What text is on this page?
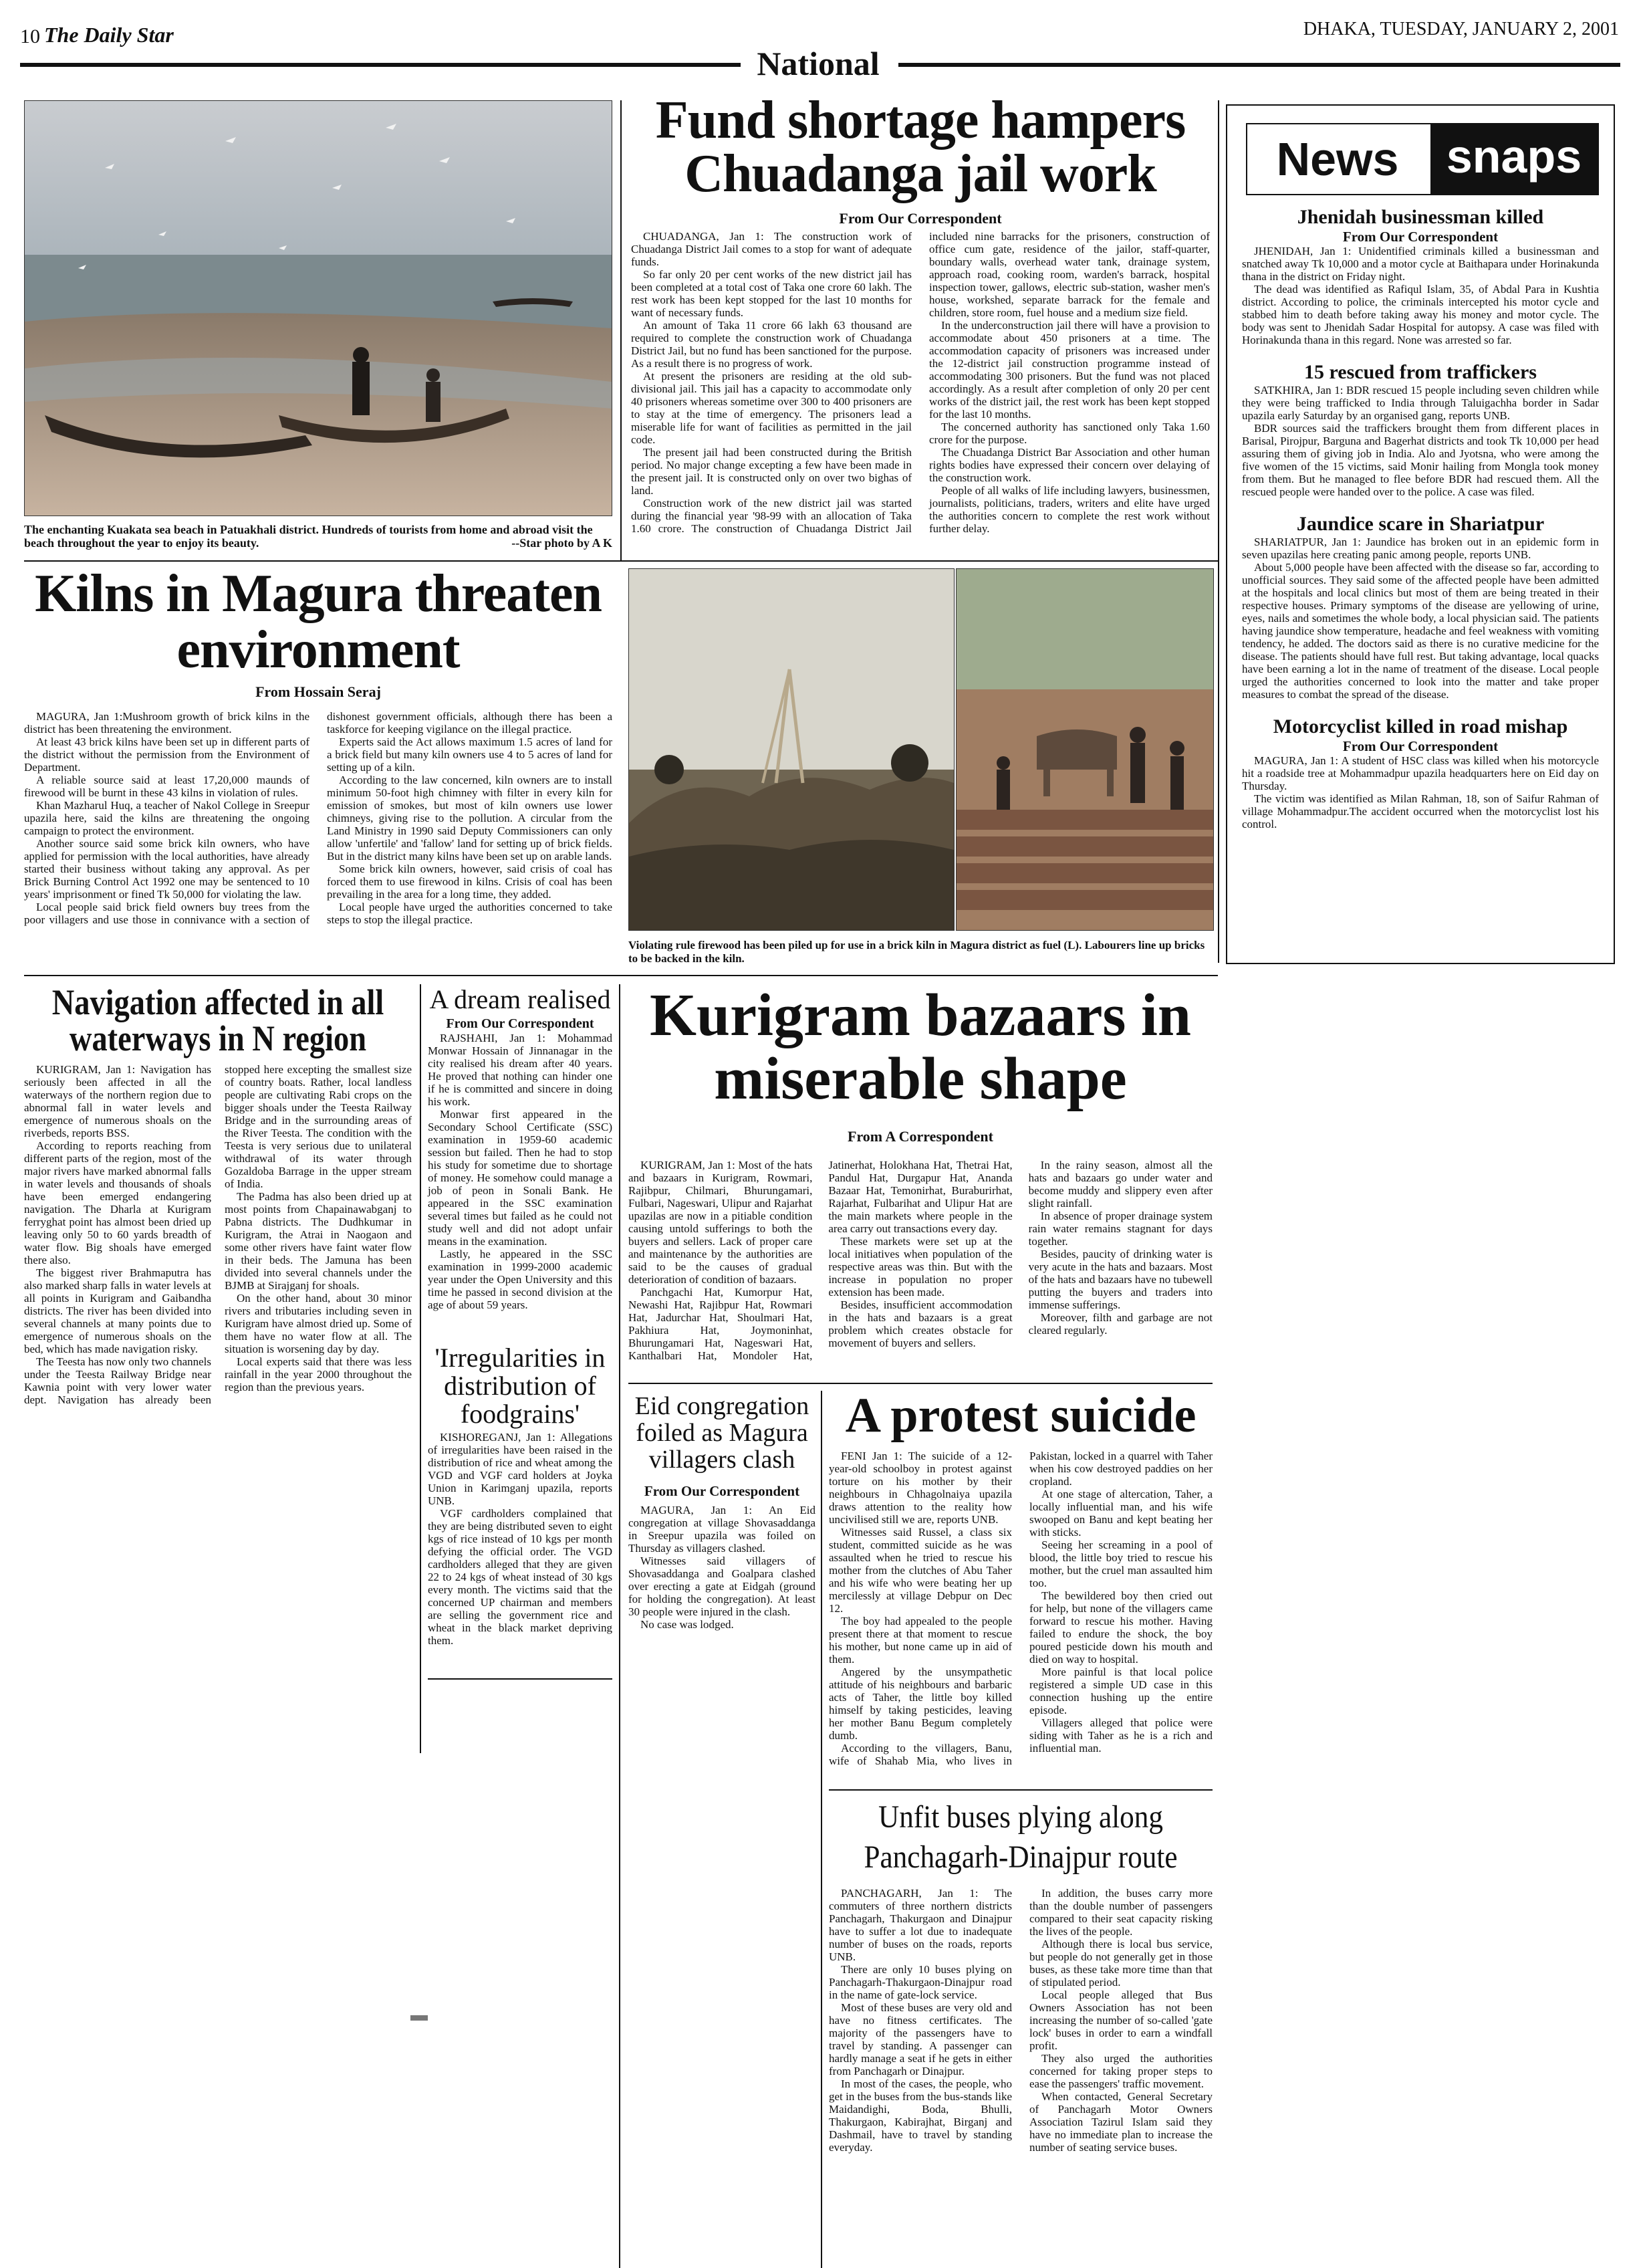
10 The Daily Star	DHAKA, TUESDAY, JANUARY 2, 2001
National
The enchanting Kuakata sea beach in Patuakhali district. Hundreds of tourists from home and abroad visit the beach throughout the year to enjoy its beauty.	--Star photo by A K
Fund shortage hampers Chuadanga jail work

From Our Correspondent

CHUADANGA, Jan 1: The construction work of Chuadanga District Jail comes to a stop for want of adequate funds.

So far only 20 per cent works of the new district jail has been completed at a total cost of Taka one crore 60 lakh. The rest work has been kept stopped for the last 10 months for want of necessary funds.

An amount of Taka 11 crore 66 lakh 63 thousand are required to complete the construction work of Chuadanga District Jail, but no fund has been sanctioned for the purpose. As a result there is no progress of work.

At present the prisoners are residing at the old sub-divisional jail. This jail has a capacity to accommodate only 40 prisoners whereas sometime over 300 to 400 prisoners are to stay at the time of emergency. The prisoners lead a miserable life for want of facilities as permitted in the jail code.

The present jail had been constructed during the British period. No major change excepting a few have been made in the present jail. It is constructed only on over two bighas of land.

Construction work of the new district jail was started during the financial year '98-99 with an allocation of Taka 1.60 crore. The construction of Chuadanga District Jail included nine barracks for the prisoners, construction of office cum gate, residence of the jailor, staff-quarter, boundary walls, overhead water tank, drainage system, approach road, cooking room, warden's barrack, hospital inspection tower, gallows, electric sub-station, washer men's house, workshed, separate barrack for the female and children, store room, fuel house and a medium size field.

In the underconstruction jail there will have a provision to accommodate about 450 prisoners at a time. The accommodation capacity of prisoners was increased under the 12-district jail construction programme instead of accommodating 300 prisoners. But the fund was not placed accordingly. As a result after completion of only 20 per cent works of the district jail, the rest work has been kept stopped for the last 10 months.

The concerned authority has sanctioned only Taka 1.60 crore for the purpose.

The Chuadanga District Bar Association and other human rights bodies have expressed their concern over delaying of the construction work.

People of all walks of life including lawyers, businessmen, journalists, politicians, traders, writers and elite have urged the authorities concern to complete the rest work without further delay.

News	snaps
Jhenidah businessman killed
From Our Correspondent

JHENIDAH, Jan 1: Unidentified criminals killed a businessman and snatched away Tk 10,000 and a motor cycle at Baithapara under Horinakunda thana in the district on Friday night.

The dead was identified as Rafiqul Islam, 35, of Abdal Para in Kushtia district. According to police, the criminals intercepted his motor cycle and stabbed him to death before taking away his money and motor cycle. The body was sent to Jhenidah Sadar Hospital for autopsy. A case was filed with Horinakunda thana in this regard. None was arrested so far.

15 rescued from traffickers

SATKHIRA, Jan 1: BDR rescued 15 people including seven children while they were being trafficked to India through Taluigachha border in Sadar upazila early Saturday by an organised gang, reports UNB.

BDR sources said the traffickers brought them from different places in Barisal, Pirojpur, Barguna and Bagerhat districts and took Tk 10,000 per head assuring them of giving job in India. Alo and Jyotsna, who were among the five women of the 15 victims, said Monir hailing from Mongla took money from them. But he managed to flee before BDR had rescued them. All the rescued people were handed over to the police. A case was filed.

Jaundice scare in Shariatpur

SHARIATPUR, Jan 1: Jaundice has broken out in an epidemic form in seven upazilas here creating panic among people, reports UNB.

About 5,000 people have been affected with the disease so far, according to unofficial sources. They said some of the affected people have been admitted at the hospitals and local clinics but most of them are being treated in their respective houses. Primary symptoms of the disease are yellowing of urine, eyes, nails and sometimes the whole body, a local physician said. The patients having jaundice show temperature, headache and feel weakness with vomiting tendency, he added. The doctors said as there is no curative medicine for the disease. The patients should have full rest. But taking advantage, local quacks have been earning a lot in the name of treatment of the disease. Local people urged the authorities concerned to look into the matter and take proper measures to combat the spread of the disease.

Motorcyclist killed in road mishap
From Our Correspondent

MAGURA, Jan 1: A student of HSC class was killed when his motorcycle hit a roadside tree at Mohammadpur upazila headquarters here on Eid day on Thursday.

The victim was identified as Milan Rahman, 18, son of Saifur Rahman of village Mohammadpur.The accident occurred when the motorcyclist lost his control.

Kilns in Magura threaten environment

From Hossain Seraj

MAGURA, Jan 1:Mushroom growth of brick kilns in the district has been threatening the environment.

At least 43 brick kilns have been set up in different parts of the district without the permission from the Environment of Department.

A reliable source said at least 17,20,000 maunds of firewood will be burnt in these 43 kilns in violation of rules.

Khan Mazharul Huq, a teacher of Nakol College in Sreepur upazila here, said the kilns are threatening the ongoing campaign to protect the environment.

Another source said some brick kiln owners, who have applied for permission with the local authorities, have already started their business without taking any approval. As per Brick Burning Control Act 1992 one may be sentenced to 10 years' imprisonment or fined Tk 50,000 for violating the law.

Local people said brick field owners buy trees from the poor villagers and use those in connivance with a section of dishonest government officials, although there has been a taskforce for keeping vigilance on the illegal practice.

Experts said the Act allows maximum 1.5 acres of land for a brick field but many kiln owners use 4 to 5 acres of land for setting up of a kiln.

According to the law concerned, kiln owners are to install minimum 50-foot high chimney with filter in every kiln for emission of smokes, but most of kiln owners use lower chimneys, giving rise to the pollution. A circular from the Land Ministry in 1990 said Deputy Commissioners can only allow 'unfertile' and 'fallow' land for setting up of brick fields. But in the district many kilns have been set up on arable lands.

Some brick kiln owners, however, said crisis of coal has forced them to use firewood in kilns. Crisis of coal has been prevailing in the area for a long time, they added.

Local people have urged the authorities concerned to take steps to stop the illegal practice.

Violating rule firewood has been piled up for use in a brick kiln in Magura district as fuel (L). Labourers line up bricks to be backed in the kiln.
Navigation affected in all waterways in N region

KURIGRAM, Jan 1: Navigation has seriously been affected in all the waterways of the northern region due to abnormal fall in water levels and emergence of numerous shoals on the riverbeds, reports BSS.

According to reports reaching from different parts of the region, most of the major rivers have marked abnormal falls in water levels and thousands of shoals have been emerged endangering navigation. The Dharla at Kurigram ferryghat point has almost been dried up leaving only 50 to 60 yards breadth of water flow. Big shoals have emerged there also.

The biggest river Brahmaputra has also marked sharp falls in water levels at all points in Kurigram and Gaibandha districts. The river has been divided into several channels at many points due to emergence of numerous shoals on the bed, which has made navigation risky.

The Teesta has now only two channels under the Teesta Railway Bridge near Kawnia point with very lower water dept. Navigation has already been stopped here excepting the smallest size of country boats. Rather, local landless people are cultivating Rabi crops on the bigger shoals under the Teesta Railway Bridge and in the surrounding areas of the River Teesta. The condition with the Teesta is very serious due to unilateral withdrawal of its water through Gozaldoba Barrage in the upper stream of India.

The Padma has also been dried up at most points from Chapainawabganj to Pabna districts. The Dudhkumar in Kurigram, the Atrai in Naogaon and some other rivers have faint water flow in their beds. The Jamuna has been divided into several channels under the BJMB at Sirajganj for shoals.

On the other hand, about 30 minor rivers and tributaries including seven in Kurigram have almost dried up. Some of them have no water flow at all. The situation is worsening day by day.

Local experts said that there was less rainfall in the year 2000 throughout the region than the previous years.

A dream realised

From Our Correspondent

RAJSHAHI, Jan 1: Mohammad Monwar Hossain of Jinnanagar in the city realised his dream after 40 years. He proved that nothing can hinder one if he is committed and sincere in doing his work.

Monwar first appeared in the Secondary School Certificate (SSC) examination in 1959-60 academic session but failed. Then he had to stop his study for sometime due to shortage of money. He somehow could manage a job of peon in Sonali Bank. He appeared in the SSC examination several times but failed as he could not study well and did not adopt unfair means in the examination.

Lastly, he appeared in the SSC examination in 1999-2000 academic year under the Open University and this time he passed in second division at the age of about 59 years.

'Irregularities in distribution of foodgrains'

KISHOREGANJ, Jan 1: Allegations of irregularities have been raised in the distribution of rice and wheat among the VGD and VGF card holders at Joyka Union in Karimganj upazila, reports UNB.

VGF cardholders complained that they are being distributed seven to eight kgs of rice instead of 10 kgs per month defying the official order. The VGD cardholders alleged that they are given 22 to 24 kgs of wheat instead of 30 kgs every month. The victims said that the concerned UP chairman and members are selling the government rice and wheat in the black market depriving them.

Kurigram bazaars in miserable shape

From A Correspondent

KURIGRAM, Jan 1: Most of the hats and bazaars in Kurigram, Rowmari, Rajibpur, Chilmari, Bhurungamari, Fulbari, Nageswari, Ulipur and Rajarhat upazilas are now in a pitiable condition causing untold sufferings to both the buyers and sellers. Lack of proper care and maintenance by the authorities are said to be the causes of gradual deterioration of condition of bazaars.

Panchgachi Hat, Kumorpur Hat, Newashi Hat, Rajibpur Hat, Rowmari Hat, Jadurchar Hat, Shoulmari Hat, Pakhiura Hat, Joymoninhat, Bhurungamari Hat, Nageswari Hat, Kanthalbari Hat, Mondoler Hat, Jatinerhat, Holokhana Hat, Thetrai Hat, Pandul Hat, Durgapur Hat, Ananda Bazaar Hat, Temonirhat, Buraburirhat, Rajarhat, Fulbarihat and Ulipur Hat are the main markets where people in the area carry out transactions every day.

These markets were set up at the local initiatives when population of the respective areas was thin. But with the increase in population no proper extension has been made.

Besides, insufficient accommodation in the hats and bazaars is a great problem which creates obstacle for movement of buyers and sellers.

In the rainy season, almost all the hats and bazaars go under water and become muddy and slippery even after slight rainfall.

In absence of proper drainage system rain water remains stagnant for days together.

Besides, paucity of drinking water is very acute in the hats and bazaars. Most of the hats and bazaars have no tubewell putting the buyers and traders into immense sufferings.

Moreover, filth and garbage are not cleared regularly.

Eid congregation foiled as Magura villagers clash

From Our Correspondent

MAGURA, Jan 1: An Eid congregation at village Shovasaddanga in Sreepur upazila was foiled on Thursday as villagers clashed.

Witnesses said villagers of Shovasaddanga and Goalpara clashed over erecting a gate at Eidgah (ground for holding the congregation). At least 30 people were injured in the clash.

No case was lodged.

A protest suicide

FENI Jan 1: The suicide of a 12-year-old schoolboy in protest against torture on his mother by their neighbours in Chhagolnaiya upazila draws attention to the reality how uncivilised still we are, reports UNB.

Witnesses said Russel, a class six student, committed suicide as he was assaulted when he tried to rescue his mother from the clutches of Abu Taher and his wife who were beating her up mercilessly at village Debpur on Dec 12.

The boy had appealed to the people present there at that moment to rescue his mother, but none came up in aid of them.

Angered by the unsympathetic attitude of his neighbours and barbaric acts of Taher, the little boy killed himself by taking pesticides, leaving her mother Banu Begum completely dumb.

According to the villagers, Banu, wife of Shahab Mia, who lives in Pakistan, locked in a quarrel with Taher when his cow destroyed paddies on her cropland.

At one stage of altercation, Taher, a locally influential man, and his wife swooped on Banu and kept beating her with sticks.

Seeing her screaming in a pool of blood, the little boy tried to rescue his mother, but the cruel man assaulted him too.

The bewildered boy then cried out for help, but none of the villagers came forward to rescue his mother. Having failed to endure the shock, the boy poured pesticide down his mouth and died on way to hospital.

More painful is that local police registered a simple UD case in this connection hushing up the entire episode.

Villagers alleged that police were siding with Taher as he is a rich and influential man.

Unfit buses plying along Panchagarh-Dinajpur route

PANCHAGARH, Jan 1: The commuters of three northern districts Panchagarh, Thakurgaon and Dinajpur have to suffer a lot due to inadequate number of buses on the roads, reports UNB.

There are only 10 buses plying on Panchagarh-Thakurgaon-Dinajpur road in the name of gate-lock service.

Most of these buses are very old and have no fitness certificates. The majority of the passengers have to travel by standing. A passenger can hardly manage a seat if he gets in either from Panchagarh or Dinajpur.

In most of the cases, the people, who get in the buses from the bus-stands like Maidandighi, Boda, Bhulli, Thakurgaon, Kabirajhat, Birganj and Dashmail, have to travel by standing everyday.

In addition, the buses carry more than the double number of passengers compared to their seat capacity risking the lives of the people.

Although there is local bus service, but people do not generally get in those buses, as these take more time than that of stipulated period.

Local people alleged that Bus Owners Association has not been increasing the number of so-called 'gate lock' buses in order to earn a windfall profit.

They also urged the authorities concerned for taking proper steps to ease the passengers' traffic movement.

When contacted, General Secretary of Panchagarh Motor Owners Association Tazirul Islam said they have no immediate plan to increase the number of seating service buses.
